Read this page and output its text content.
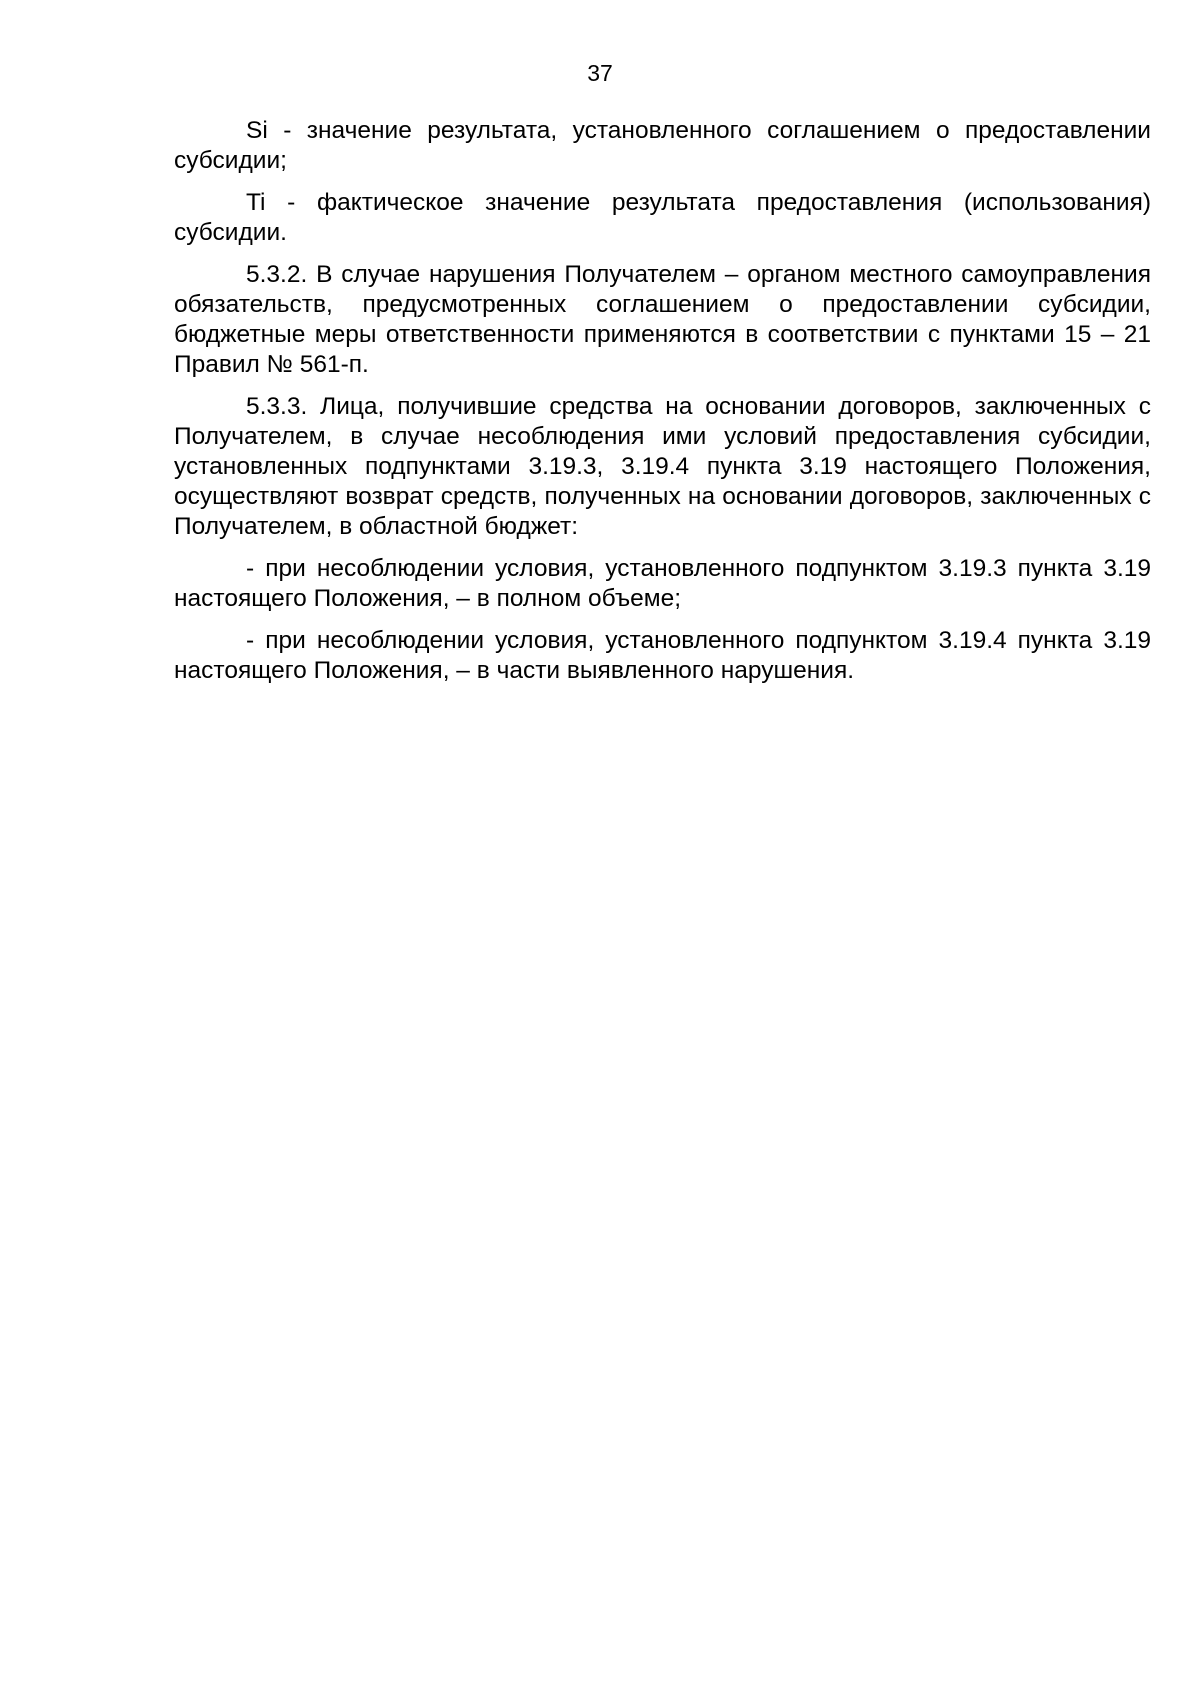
37

Si - значение результата, установленного соглашением о предоставлении субсидии;

Ti - фактическое значение результата предоставления (использования) субсидии.

5.3.2. В случае нарушения Получателем – органом местного самоуправления обязательств, предусмотренных соглашением о предоставлении субсидии, бюджетные меры ответственности применяются в соответствии с пунктами 15 – 21 Правил № 561-п.

5.3.3. Лица, получившие средства на основании договоров, заключенных с Получателем, в случае несоблюдения ими условий предоставления субсидии, установленных подпунктами 3.19.3, 3.19.4 пункта 3.19 настоящего Положения, осуществляют возврат средств, полученных на основании договоров, заключенных с Получателем, в областной бюджет:

- при несоблюдении условия, установленного подпунктом 3.19.3 пункта 3.19 настоящего Положения, – в полном объеме;

- при несоблюдении условия, установленного подпунктом 3.19.4 пункта 3.19 настоящего Положения, – в части выявленного нарушения.
